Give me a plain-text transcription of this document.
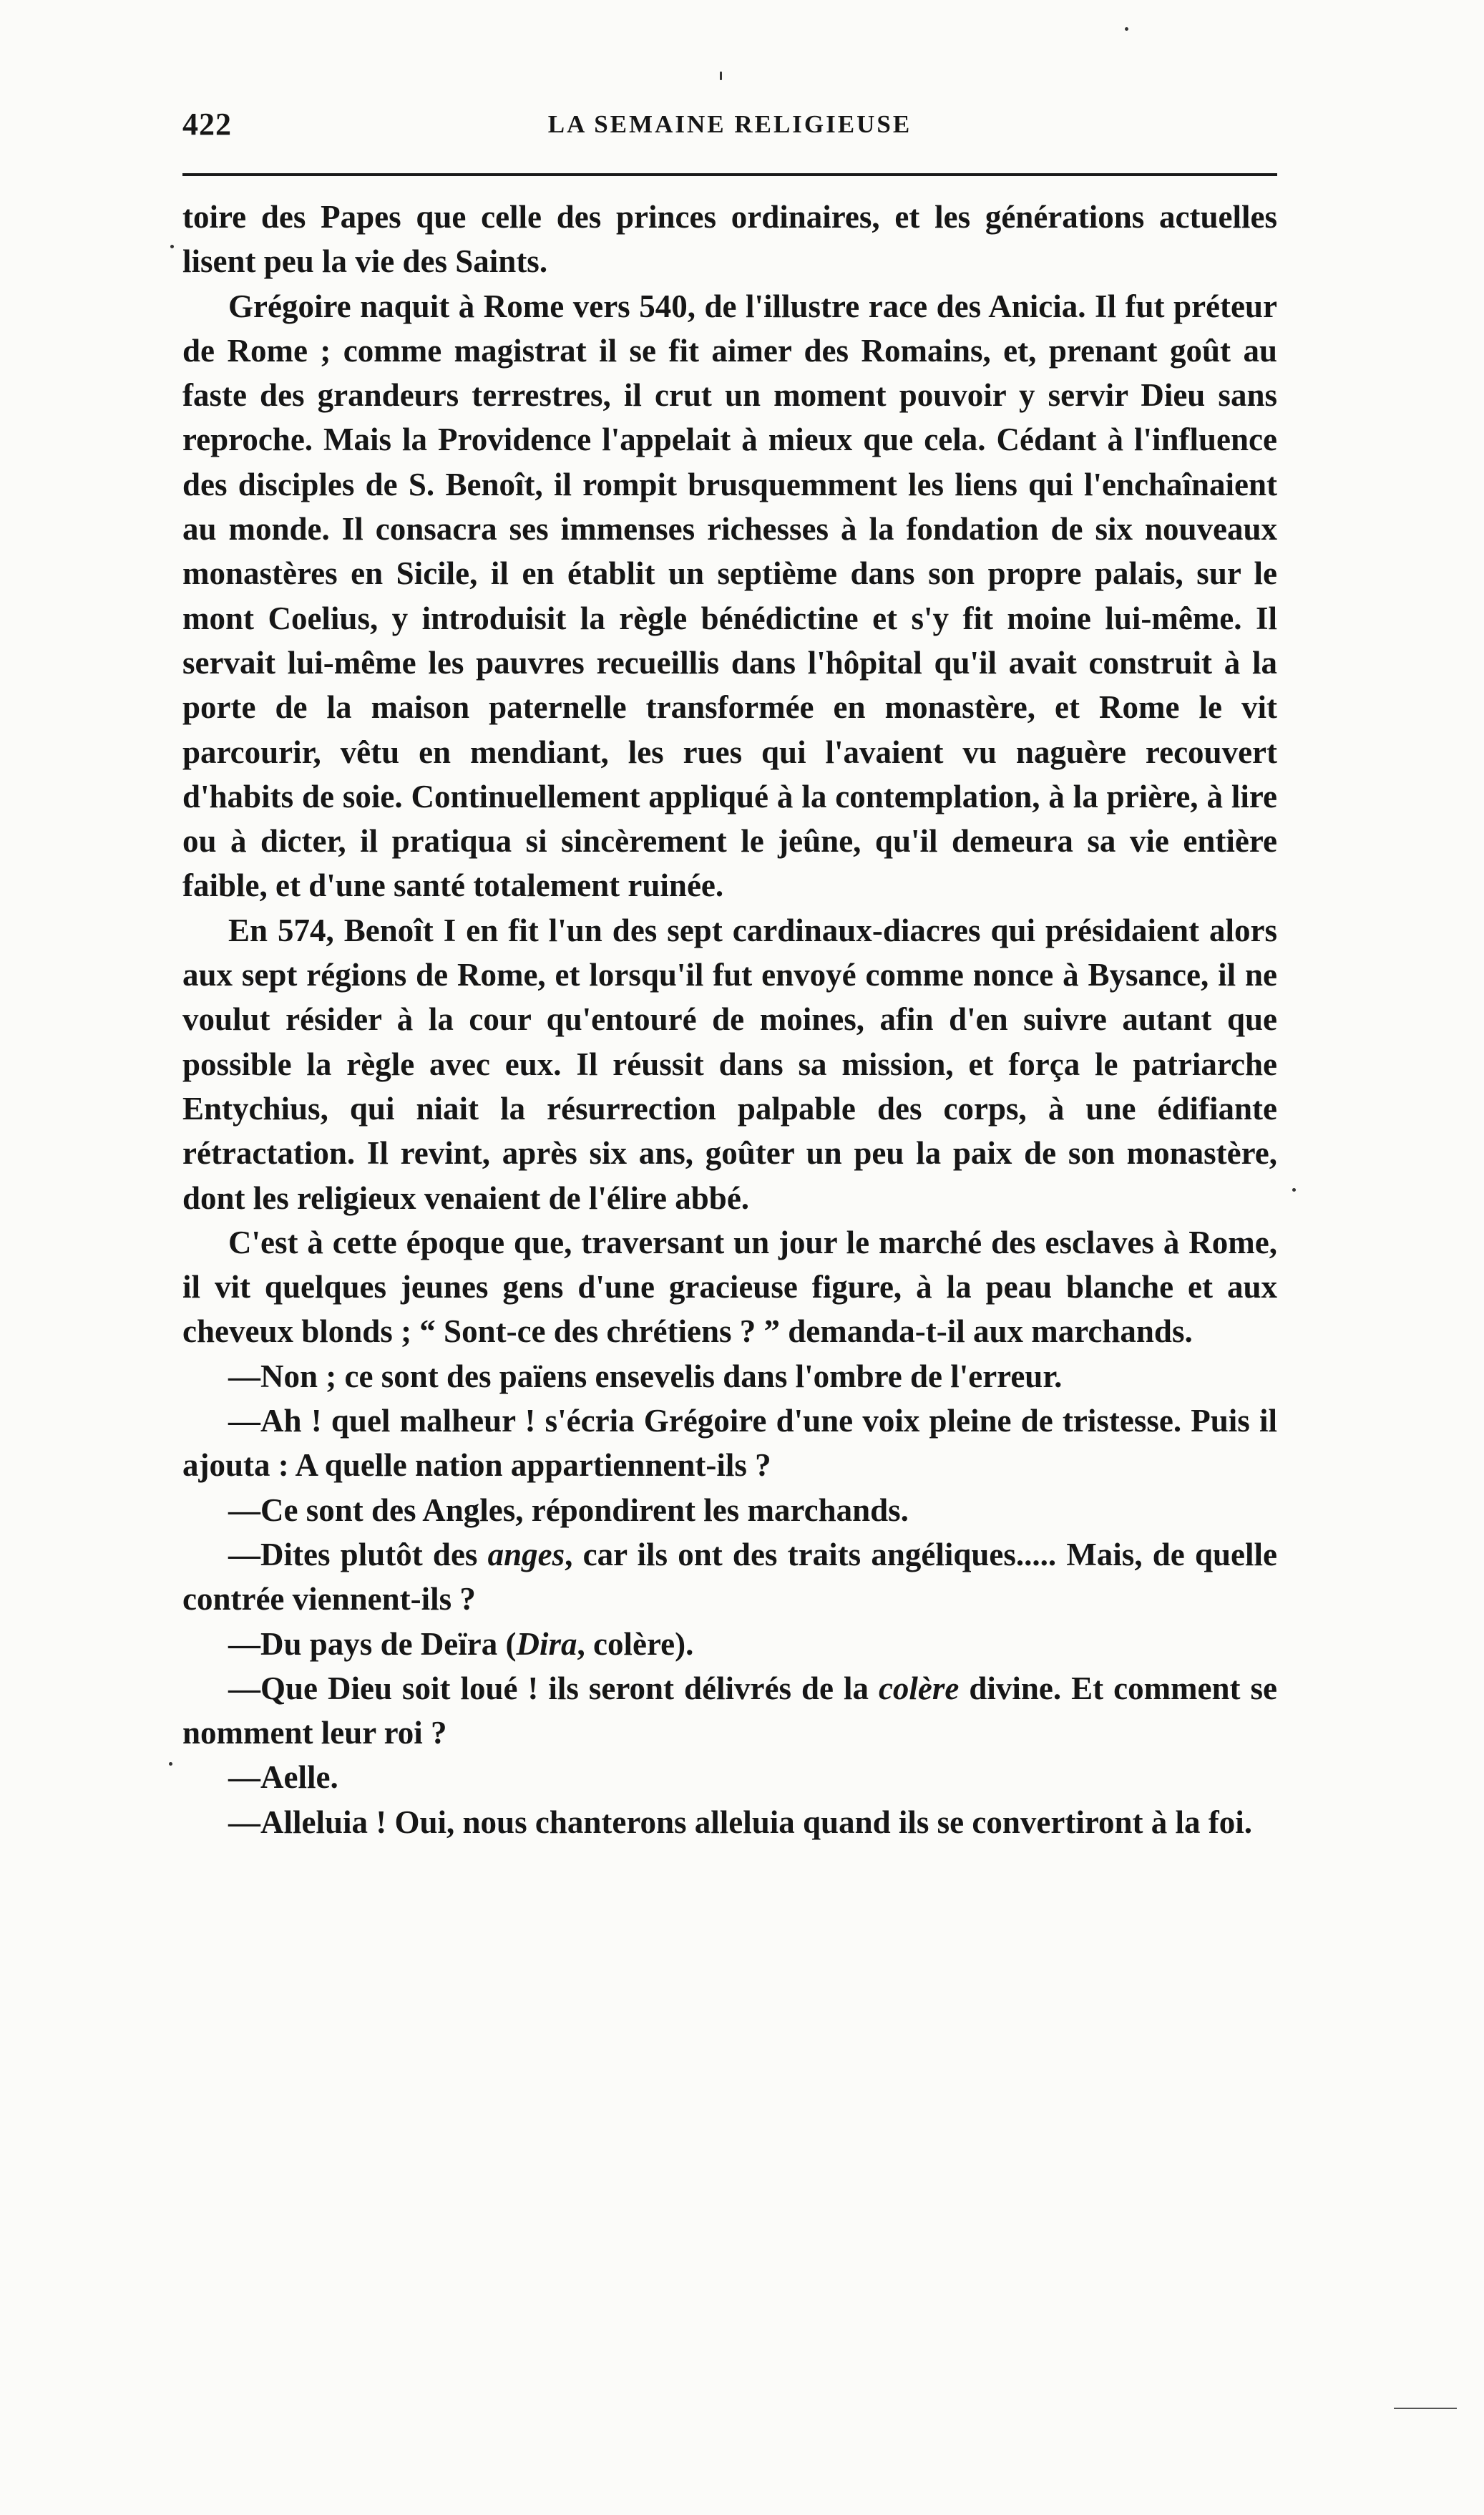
422	LA SEMAINE RELIGIEUSE

toire des Papes que celle des princes ordinaires, et les générations actuelles lisent peu la vie des Saints.

Grégoire naquit à Rome vers 540, de l'illustre race des Anicia. Il fut préteur de Rome ; comme magistrat il se fit aimer des Romains, et, prenant goût au faste des grandeurs terrestres, il crut un moment pouvoir y servir Dieu sans reproche. Mais la Providence l'appelait à mieux que cela. Cédant à l'influence des disciples de S. Benoît, il rompit brusquemment les liens qui l'enchaînaient au monde. Il consacra ses immenses richesses à la fondation de six nouveaux monastères en Sicile, il en établit un septième dans son propre palais, sur le mont Coelius, y introduisit la règle bénédictine et s'y fit moine lui-même. Il servait lui-même les pauvres recueillis dans l'hôpital qu'il avait construit à la porte de la maison paternelle transformée en monastère, et Rome le vit parcourir, vêtu en mendiant, les rues qui l'avaient vu naguère recouvert d'habits de soie. Continuellement appliqué à la contemplation, à la prière, à lire ou à dicter, il pratiqua si sincèrement le jeûne, qu'il demeura sa vie entière faible, et d'une santé totalement ruinée.

En 574, Benoît I en fit l'un des sept cardinaux-diacres qui présidaient alors aux sept régions de Rome, et lorsqu'il fut envoyé comme nonce à Bysance, il ne voulut résider à la cour qu'entouré de moines, afin d'en suivre autant que possible la règle avec eux. Il réussit dans sa mission, et força le patriarche Entychius, qui niait la résurrection palpable des corps, à une édifiante rétractation. Il revint, après six ans, goûter un peu la paix de son monastère, dont les religieux venaient de l'élire abbé.

C'est à cette époque que, traversant un jour le marché des esclaves à Rome, il vit quelques jeunes gens d'une gracieuse figure, à la peau blanche et aux cheveux blonds ; “ Sont-ce des chrétiens ? ” demanda-t-il aux marchands.

—Non ; ce sont des païens ensevelis dans l'ombre de l'erreur.

—Ah ! quel malheur ! s'écria Grégoire d'une voix pleine de tristesse. Puis il ajouta : A quelle nation appartiennent-ils ?

—Ce sont des Angles, répondirent les marchands.

—Dites plutôt des anges, car ils ont des traits angéliques..... Mais, de quelle contrée viennent-ils ?

—Du pays de Deïra (Dira, colère).

—Que Dieu soit loué ! ils seront délivrés de la colère divine. Et comment se nomment leur roi ?

—Aelle.

—Alleluia ! Oui, nous chanterons alleluia quand ils se convertiront à la foi.
